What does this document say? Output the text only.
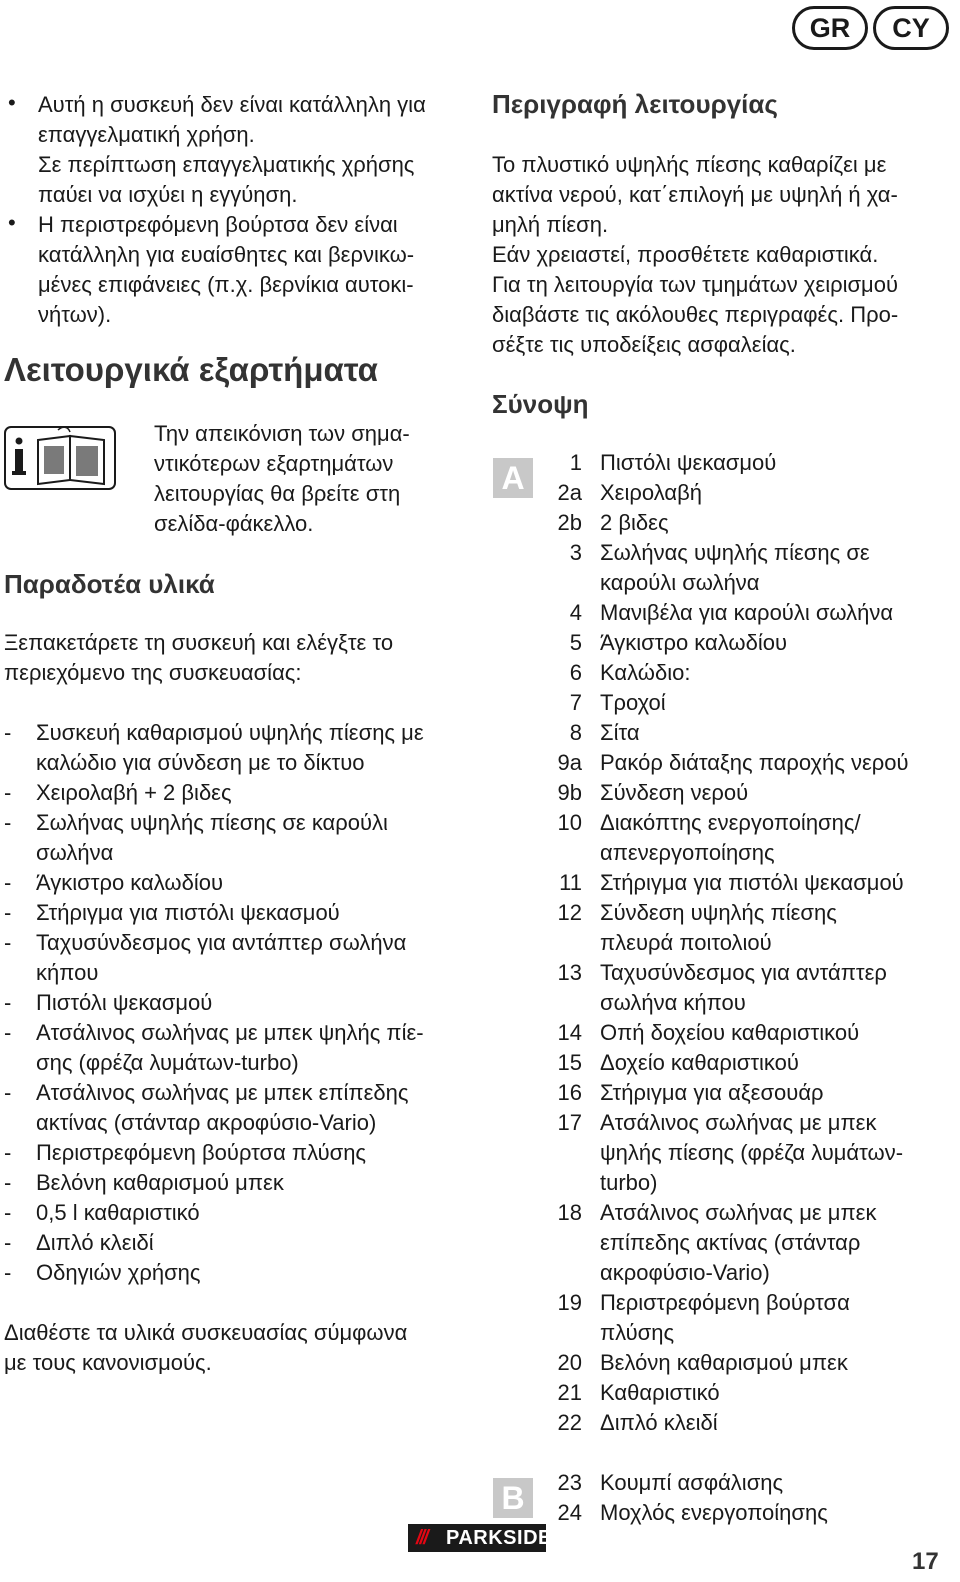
GR	CY
• Αυτή η συσκευή δεν είναι κατάλληλη για
επαγγελματική χρήση.
Σε περίπτωση επαγγελματικής χρήσης
παύει να ισχύει η εγγύηση.
• Η περιστρεφόμενη βούρτσα δεν είναι
κατάλληλη για ευαίσθητες και βερνικω-
μένες επιφάνειες (π.χ. βερνίκια αυτοκι-
νήτων).
Λειτουργικά εξαρτήματα
Την απεικόνιση των σημα-
ντικότερων εξαρτημάτων
λειτουργίας θα βρείτε στη
σελίδα-φάκελλο.
Παραδοτέα υλικά
Ξεπακετάρετε τη συσκευή και ελέγξτε το
περιεχόμενο της συσκευασίας:
- Συσκευή καθαρισμού υψηλής πίεσης με
καλώδιο για σύνδεση με το δίκτυο
- Χειρολαβή + 2 βιδες
- Σωλήνας υψηλής πίεσης σε καρούλι
σωλήνα
- Άγκιστρο καλωδίου
- Στήριγμα για πιστόλι ψεκασμού
- Ταχυσύνδεσμος για αντάπτερ σωλήνα
κήπου
- Πιστόλι ψεκασμού
- Ατσάλινος σωλήνας με μπεκ ψηλής πίε-
σης (φρέζα λυμάτων-turbo)
- Ατσάλινος σωλήνας με μπεκ επίπεδης
ακτίνας (στάνταρ ακροφύσιο-Vario)
- Περιστρεφόμενη βούρτσα πλύσης
- Βελόνη καθαρισμού μπεκ
- 0,5 l καθαριστικό
- Διπλό κλειδί
- Οδηγιών χρήσης
Διαθέστε τα υλικά συσκευασίας σύμφωνα
με τους κανονισμούς.
Περιγραφή λειτουργίας
Το πλυστικό υψηλής πίεσης καθαρίζει με
ακτίνα νερού, κατ΄επιλογή με υψηλή ή χα-
μηλή πίεση.
Εάν χρειαστεί, προσθέτετε καθαριστικά.
Για τη λειτουργία των τμημάτων χειρισμού
διαβάστε τις ακόλουθες περιγραφές. Προ-
σέξτε τις υποδείξεις ασφαλείας.
Σύνοψη
A	1 Πιστόλι ψεκασμού
2a Χειρολαβή
2b 2 βιδες
3 Σωλήνας υψηλής πίεσης σε
καρούλι σωλήνα
4 Μανιβέλα για καρούλι σωλήνα
5 Άγκιστρο καλωδίου
6 Καλώδιο:
7 Τροχοί
8 Σίτα
9a Ρακόρ διάταξης παροχής νερού
9b Σύνδεση νερού
10 Διακόπτης ενεργοποίησης/
απενεργοποίησης
11 Στήριγμα για πιστόλι ψεκασμού
12 Σύνδεση υψηλής πίεσης
πλευρά ποιτολιού
13 Ταχυσύνδεσμος για αντάπτερ
σωλήνα κήπου
14 Οπή δοχείου καθαριστικού
15 Δοχείο καθαριστικού
16 Στήριγμα για αξεσουάρ
17 Ατσάλινος σωλήνας με μπεκ
ψηλής πίεσης (φρέζα λυμάτων-
turbo)
18 Ατσάλινος σωλήνας με μπεκ
επίπεδης ακτίνας (στάνταρ
ακροφύσιο-Vario)
19 Περιστρεφόμενη βούρτσα
πλύσης
20 Βελόνη καθαρισμού μπεκ
21 Καθαριστικό
22 Διπλό κλειδί
B	23 Κουμπί ασφάλισης
24 Μοχλός ενεργοποίησης
/// PARKSIDE
17
